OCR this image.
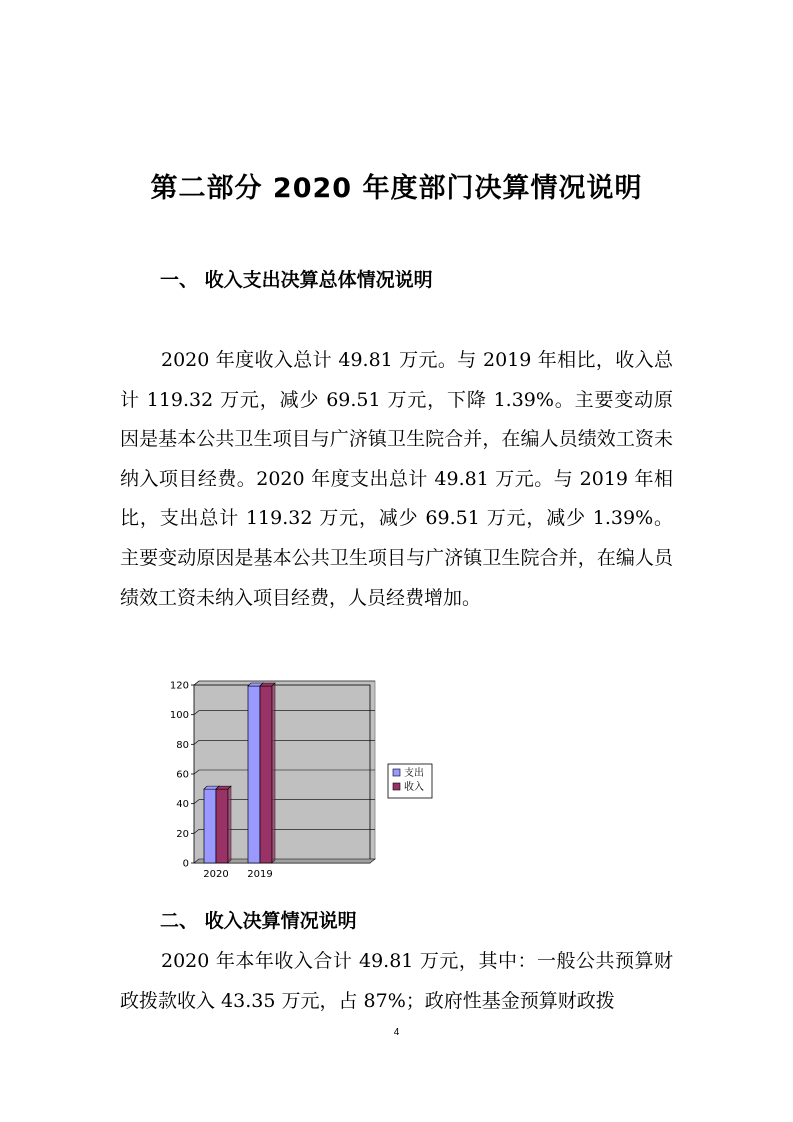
第二部分 2020 年度部门决算情况说明
一、 收入支出决算总体情况说明
2020 年度收入总计 49.81 万元。与 2019 年相比，收入总计 119.32 万元，减少 69.51 万元，下降 1.39%。主要变动原因是基本公共卫生项目与广济镇卫生院合并，在编人员绩效工资未纳入项目经费。2020 年度支出总计 49.81 万元。与 2019 年相比，支出总计 119.32 万元，减少 69.51 万元，减少 1.39%。主要变动原因是基本公共卫生项目与广济镇卫生院合并，在编人员绩效工资未纳入项目经费，人员经费增加。
0
20
40
60
80
100
120
2020 2019
支出
收入
二、 收入决算情况说明
2020 年本年收入合计 49.81 万元，其中：一般公共预算财政拨款收入 43.35 万元，占 87%；政府性基金预算财政拨
4
